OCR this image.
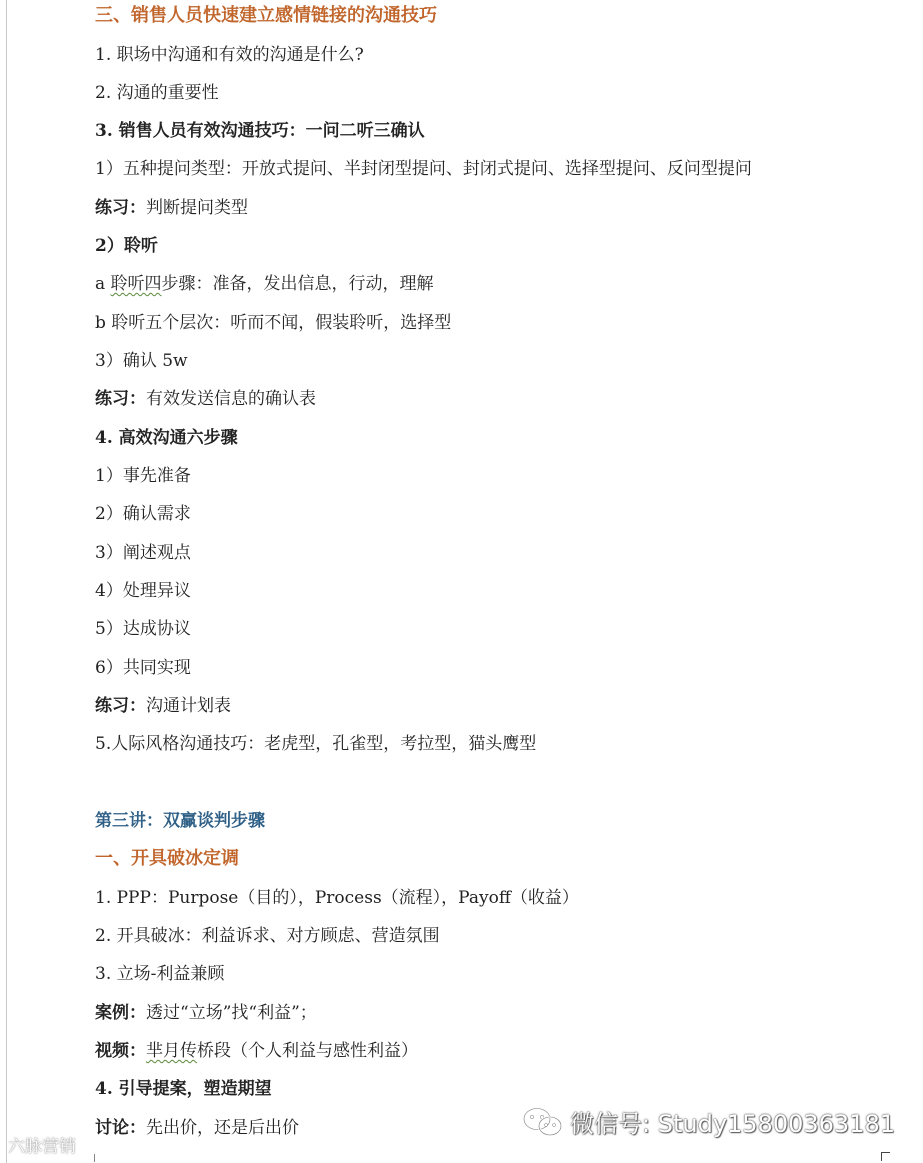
三、销售人员快速建立感情链接的沟通技巧
1. 职场中沟通和有效的沟通是什么?
2. 沟通的重要性
3. 销售人员有效沟通技巧：一问二听三确认
1）五种提问类型：开放式提问、半封闭型提问、封闭式提问、选择型提问、反问型提问
练习：判断提问类型
2）聆听
a 聆听四步骤：准备，发出信息，行动，理解
b 聆听五个层次：听而不闻，假装聆听，选择型
3）确认 5w
练习：有效发送信息的确认表
4. 高效沟通六步骤
1）事先准备
2）确认需求
3）阐述观点
4）处理异议
5）达成协议
6）共同实现
练习：沟通计划表
5.人际风格沟通技巧：老虎型，孔雀型，考拉型，猫头鹰型
第三讲：双赢谈判步骤
一、开具破冰定调
1. PPP：Purpose（目的），Process（流程），Payoff（收益）
2. 开具破冰：利益诉求、对方顾虑、营造氛围
3. 立场-利益兼顾
案例：透过“立场”找“利益”；
视频：芈月传桥段（个人利益与感性利益）
4. 引导提案，塑造期望
讨论：先出价，还是后出价
六脉营销
微信号: Study15800363181
